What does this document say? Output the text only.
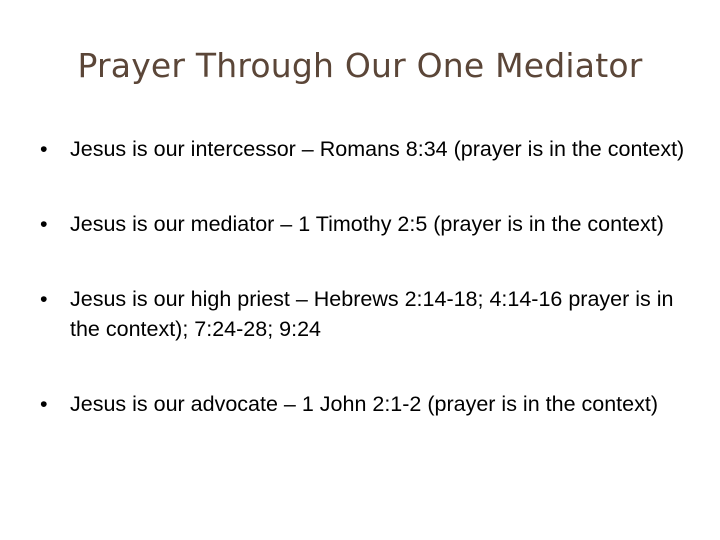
Prayer Through Our One Mediator
• Jesus is our intercessor – Romans 8:34 (prayer is in the context)
• Jesus is our mediator – 1 Timothy 2:5 (prayer is in the context)
• Jesus is our high priest – Hebrews 2:14-18; 4:14-16 prayer is in the context); 7:24-28; 9:24
• Jesus is our advocate – 1 John 2:1-2 (prayer is in the context)
